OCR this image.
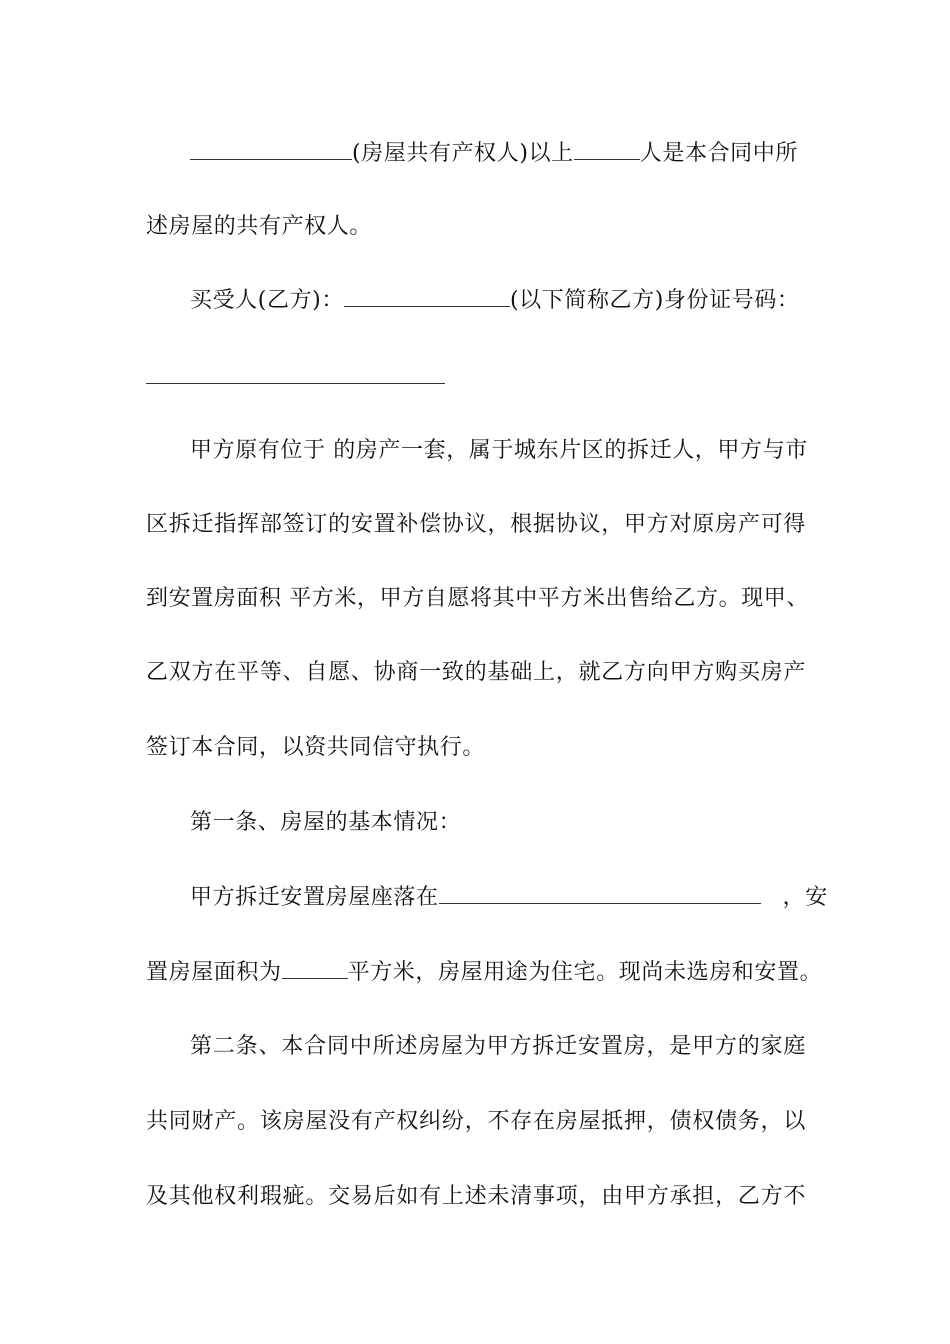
(房屋共有产权人)以上	人是本合同中所
述房屋的共有产权人。
买受人(乙方)：	(以下简称乙方)身份证号码：
甲方原有位于 的房产一套，属于城东片区的拆迁人，甲方与市
区拆迁指挥部签订的安置补偿协议，根据协议，甲方对原房产可得
到安置房面积 平方米，甲方自愿将其中平方米出售给乙方。现甲、
乙双方在平等、自愿、协商一致的基础上，就乙方向甲方购买房产
签订本合同，以资共同信守执行。
第一条、房屋的基本情况：
甲方拆迁安置房屋座落在	，安
置房屋面积为	平方米，房屋用途为住宅。现尚未选房和安置。
第二条、本合同中所述房屋为甲方拆迁安置房，是甲方的家庭
共同财产。该房屋没有产权纠纷，不存在房屋抵押，债权债务，以
及其他权利瑕疵。交易后如有上述未清事项，由甲方承担，乙方不
